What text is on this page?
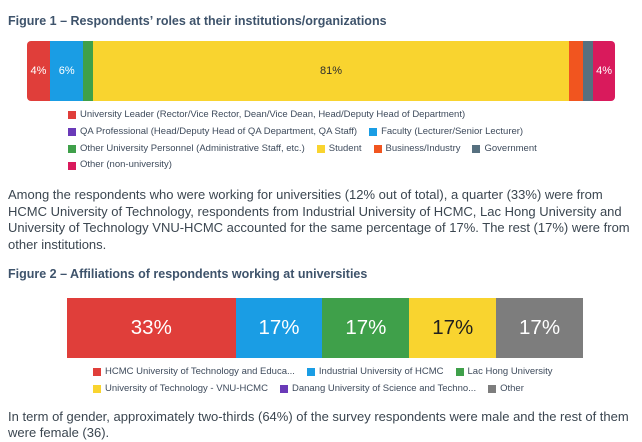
Figure 1 – Respondents’ roles at their institutions/organizations
4% 6%	81%	4%
University Leader (Rector/Vice Rector, Dean/Vice Dean, Head/Deputy Head of Department)
QA Professional (Head/Deputy Head of QA Department, QA Staff)	Faculty (Lecturer/Senior Lecturer)
Other University Personnel (Administrative Staff, etc.)	Student	Business/Industry	Government
Other (non-university)

Among the respondents who were working for universities (12% out of total), a quarter (33%) were from HCMC University of Technology, respondents from Industrial University of HCMC, Lac Hong University and University of Technology VNU-HCMC accounted for the same percentage of 17%. The rest (17%) were from other institutions.

Figure 2 – Affiliations of respondents working at universities
33%	17% 17% 17% 17%
HCMC University of Technology and Educa...	Industrial University of HCMC	Lac Hong University
University of Technology - VNU-HCMC	Danang University of Science and Techno...	Other

In term of gender, approximately two-thirds (64%) of the survey respondents were male and the rest of them were female (36).
